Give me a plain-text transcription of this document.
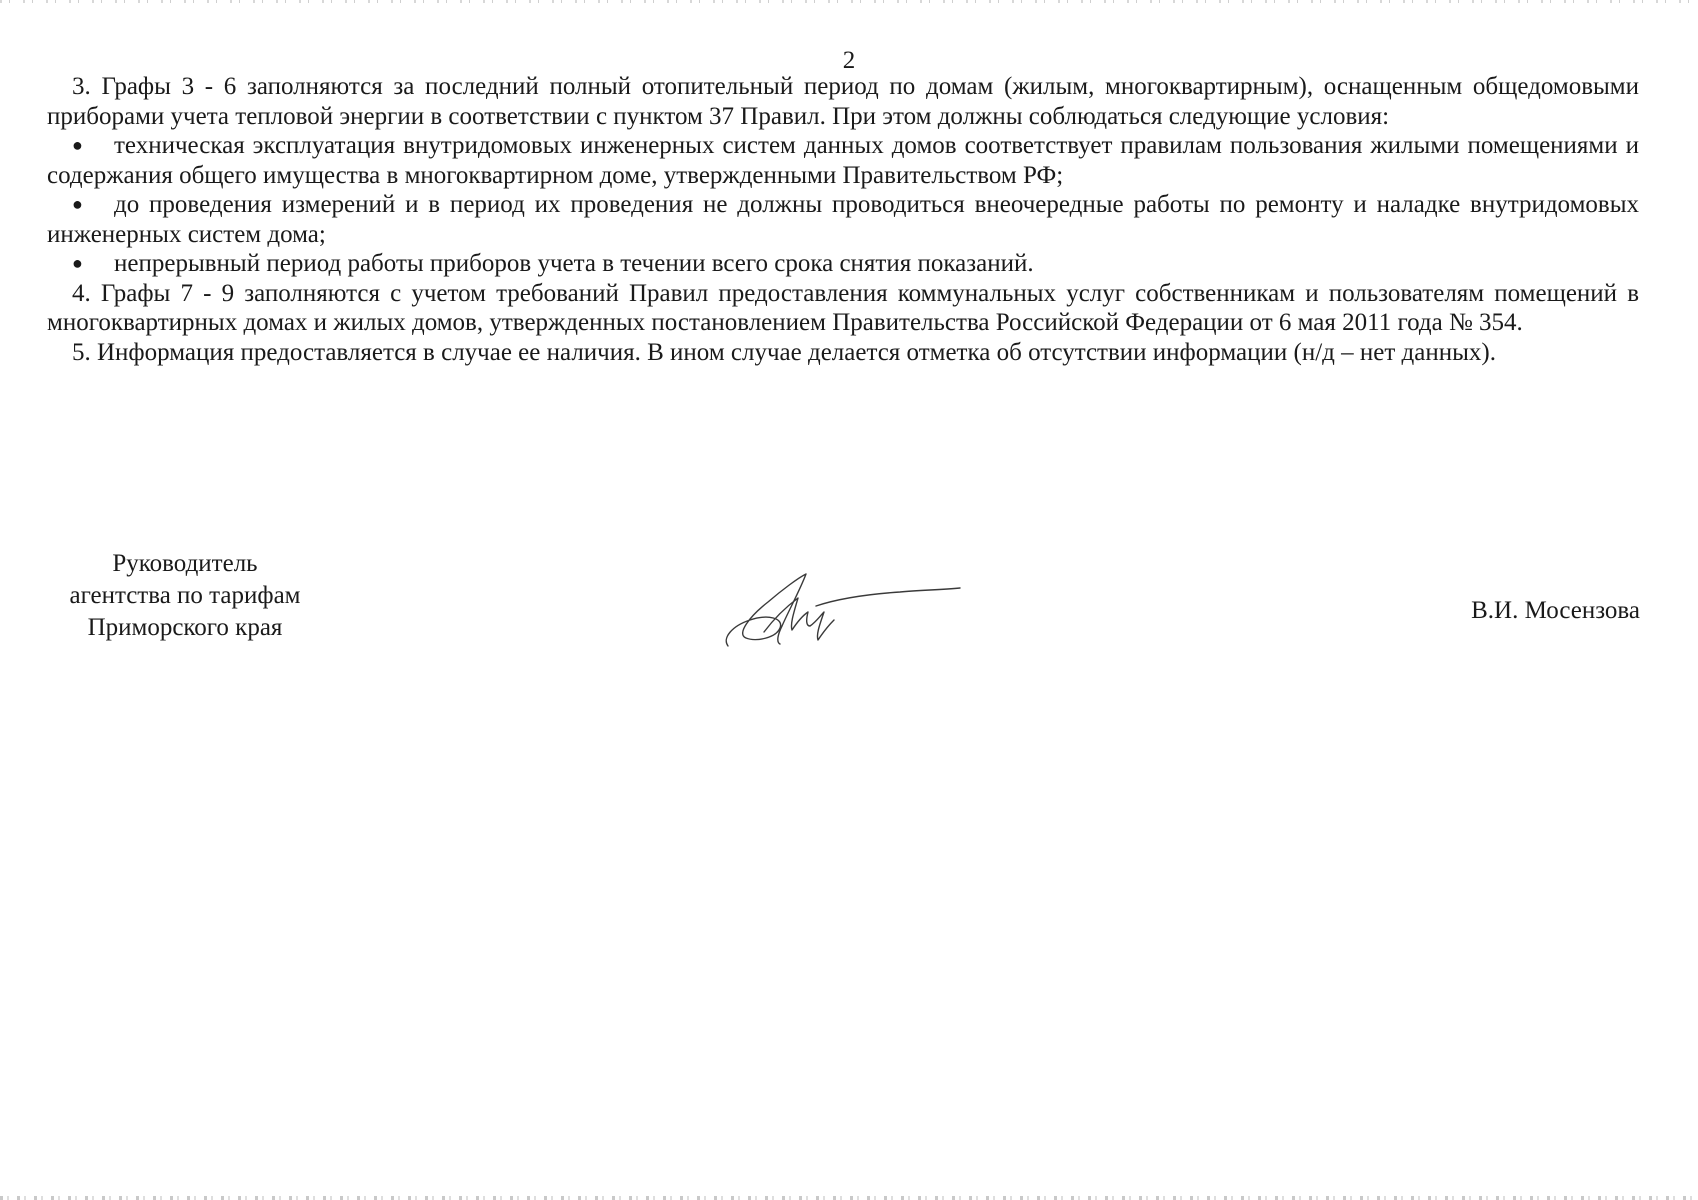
2

3. Графы 3 - 6 заполняются за последний полный отопительный период по домам (жилым, многоквартирным), оснащенным общедомовыми приборами учета тепловой энергии в соответствии с пунктом 37 Правил. При этом должны соблюдаться следующие условия:

● техническая эксплуатация внутридомовых инженерных систем данных домов соответствует правилам пользования жилыми помещениями и содержания общего имущества в многоквартирном доме, утвержденными Правительством РФ;

● до проведения измерений и в период их проведения не должны проводиться внеочередные работы по ремонту и наладке внутридомовых инженерных систем дома;

● непрерывный период работы приборов учета в течении всего срока снятия показаний.

4. Графы 7 - 9 заполняются с учетом требований Правил предоставления коммунальных услуг собственникам и пользователям помещений в многоквартирных домах и жилых домов, утвержденных постановлением Правительства Российской Федерации от 6 мая 2011 года № 354.

5. Информация предоставляется в случае ее наличия. В ином случае делается отметка об отсутствии информации (н/д – нет данных).

Руководитель
агентства по тарифам
Приморского края
В.И. Мосензова
